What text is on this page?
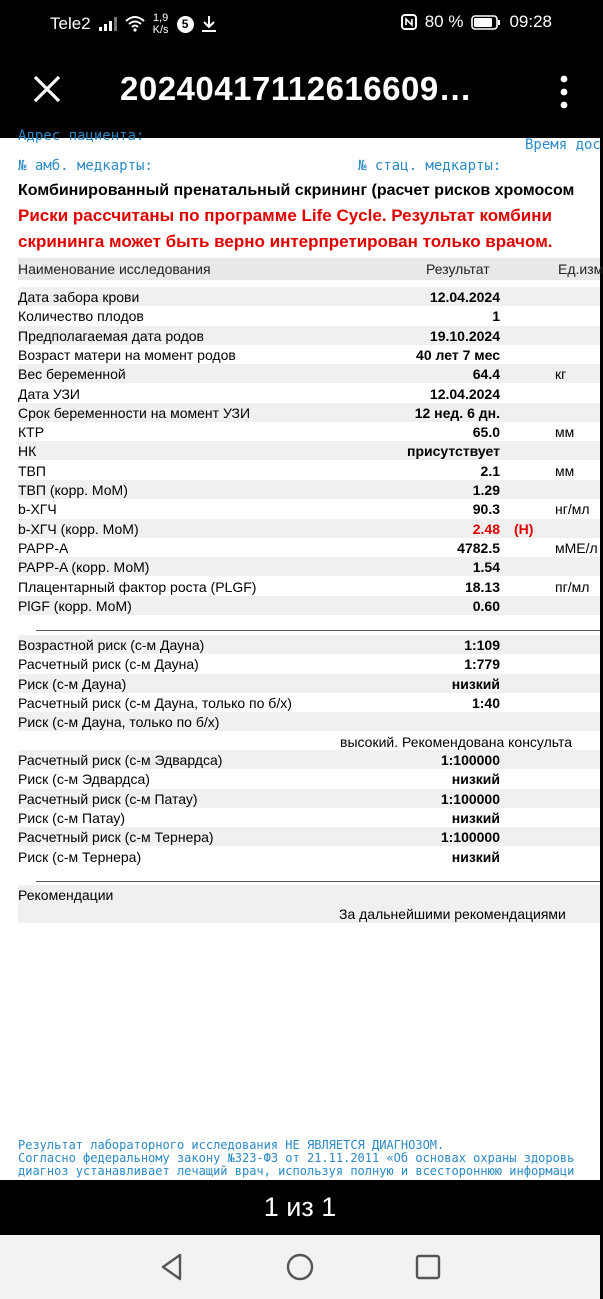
Tele2	1,9
K/s	5	80 %	09:28
20240417112616609…
Адрес пациента:
Время дос
№ амб. медкарты:	№ стац. медкарты:
Комбинированный пренатальный скрининг (расчет рисков хромосом
Риски рассчитаны по программе Life Cycle. Результат комбини
скрининга может быть верно интерпретирован только врачом.
Наименование исследования	Результат	Ед.изм
Дата забора крови	12.04.2024
Количество плодов	1
Предполагаемая дата родов	19.10.2024
Возраст матери на момент родов	40 лет 7 мес
Вес беременной	64.4	кг
Дата УЗИ	12.04.2024
Срок беременности на момент УЗИ	12 нед. 6 дн.
КТР	65.0	мм
НК	присутствует
ТВП	2.1	мм
ТВП (корр. МоМ)	1.29
b-ХГЧ	90.3	нг/мл
b-ХГЧ (корр. МоМ)	2.48 (H)
PAPP-A	4782.5	мМЕ/л
PAPP-A (корр. МоМ)	1.54
Плацентарный фактор роста (PLGF)	18.13	пг/мл
PlGF (корр. МоМ)	0.60
Возрастной риск (с-м Дауна)	1:109
Расчетный риск (с-м Дауна)	1:779
Риск (с-м Дауна)	низкий
Расчетный риск (с-м Дауна, только по б/х)	1:40
Риск (с-м Дауна, только по б/х)
высокий. Рекомендована консульта
Расчетный риск (с-м Эдвардса)	1:100000
Риск (с-м Эдвардса)	низкий
Расчетный риск (с-м Патау)	1:100000
Риск (с-м Патау)	низкий
Расчетный риск (с-м Тернера)	1:100000
Риск (с-м Тернера)	низкий
Рекомендации
За дальнейшими рекомендациями
Результат лабораторного исследования НЕ ЯВЛЯЕТСЯ ДИАГНОЗОМ.
Согласно федеральному закону №323-ФЗ от 21.11.2011 «Об основах охраны здоровь
диагноз устанавливает лечащий врач, используя полную и всестороннюю информаци
1 из 1
